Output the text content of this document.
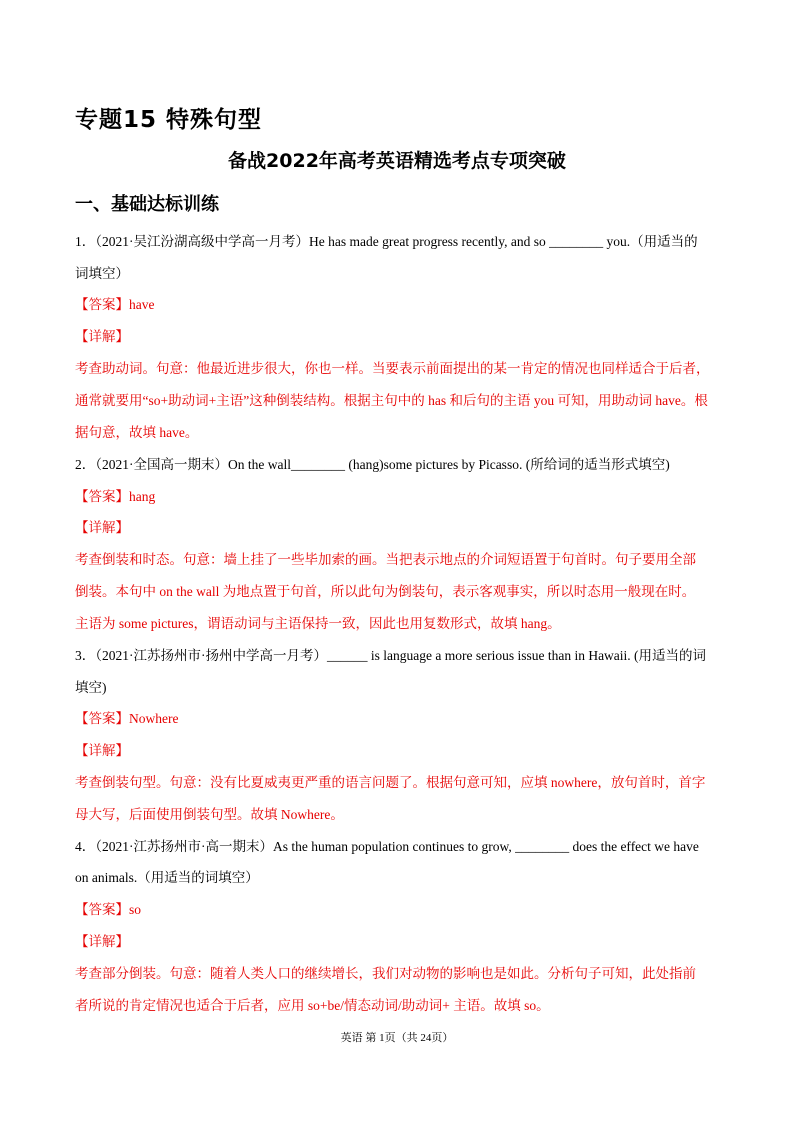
专题15 特殊句型
备战2022年高考英语精选考点专项突破
一、基础达标训练
1．（2021·吴江汾湖高级中学高一月考）He has made great progress recently, and so ________ you.（用适当的
词填空）
【答案】have
【详解】
考查助动词。句意：他最近进步很大，你也一样。当要表示前面提出的某一肯定的情况也同样适合于后者，
通常就要用“so+助动词+主语”这种倒装结构。根据主句中的 has 和后句的主语 you 可知，用助动词 have。根
据句意，故填 have。
2．（2021·全国高一期末）On the wall________ (hang)some pictures by Picasso. (所给词的适当形式填空)
【答案】hang
【详解】
考查倒装和时态。句意：墙上挂了一些毕加索的画。当把表示地点的介词短语置于句首时。句子要用全部
倒装。本句中 on the wall 为地点置于句首，所以此句为倒装句，表示客观事实，所以时态用一般现在时。
主语为 some pictures，谓语动词与主语保持一致，因此也用复数形式，故填 hang。
3．（2021·江苏扬州市·扬州中学高一月考）______ is language a more serious issue than in Hawaii. (用适当的词
填空)
【答案】Nowhere
【详解】
考查倒装句型。句意：没有比夏威夷更严重的语言问题了。根据句意可知，应填 nowhere，放句首时，首字
母大写，后面使用倒装句型。故填 Nowhere。
4．（2021·江苏扬州市·高一期末）As the human population continues to grow, ________ does the effect we have
on animals.（用适当的词填空）
【答案】so
【详解】
考查部分倒装。句意：随着人类人口的继续增长，我们对动物的影响也是如此。分析句子可知，此处指前
者所说的肯定情况也适合于后者，应用 so+be/情态动词/助动词+ 主语。故填 so。
英语 第 1页（共 24页）
